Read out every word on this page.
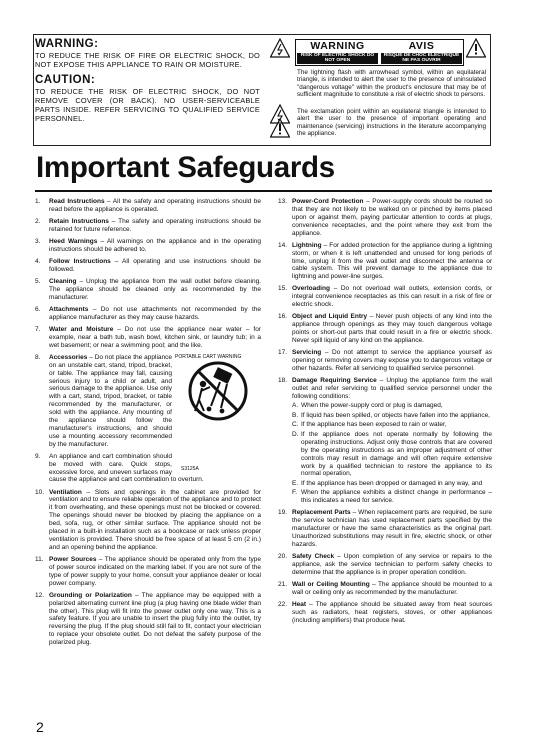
WARNING:

TO REDUCE THE RISK OF FIRE OR ELECTRIC SHOCK, DO NOT EXPOSE THIS APPLIANCE TO RAIN OR MOISTURE.

CAUTION:

TO REDUCE THE RISK OF ELECTRIC SHOCK, DO NOT REMOVE COVER (OR BACK). NO USER-SERVICEABLE PARTS INSIDE. REFER SERVICING TO QUALIFIED SERVICE PERSONNEL.

WARNING	AVIS
RISK OF ELECTRIC SHOCK DO NOT OPEN
RISQUE DE CHOC ELECTRIQUE NE PAS OUVRIR

The lightning flash with arrowhead symbol, within an equilateral triangle, is intended to alert the user to the presence of uninsulated "dangerous voltage" within the product's enclosure that may be of sufficient magnitude to constitute a risk of electric shock to persons.

The exclamation point within an equilateral triangle is intended to alert the user to the presence of important operating and maintenance (servicing) instructions in the literature accompanying the appliance.

Important Safeguards
1. Read Instructions – All the safety and operating instructions should be read before the appliance is operated.
2. Retain Instructions – The safety and operating instructions should be retained for future reference.
3. Heed Warnings – All warnings on the appliance and in the operating instructions should be adhered to.
4. Follow Instructions – All operating and use instructions should be followed.
5. Cleaning – Unplug the appliance from the wall outlet before cleaning. The appliance should be cleaned only as recommended by the manufacturer.
6. Attachments – Do not use attachments not recommended by the appliance manufacturer as they may cause hazards.
7. Water and Moisture – Do not use the appliance near water – for example, near a bath tub, wash bowl, kitchen sink, or laundry tub; in a wet basement; or near a swimming pool; and the like.
PORTABLE CART WARNING
S3125A
8. Accessories – Do not place the appliance on an unstable cart, stand, tripod, bracket, or table. The appliance may fall, causing serious injury to a child or adult, and serious damage to the appliance. Use only with a cart, stand, tripod, bracket, or table recommended by the manufacturer, or sold with the appliance. Any mounting of the appliance should follow the manufacturer's instructions, and should use a mounting accessory recommended by the manufacturer.
9. An appliance and cart combination should be moved with care. Quick stops, excessive force, and uneven surfaces may cause the appliance and cart combination to overturn.
10. Ventilation – Slots and openings in the cabinet are provided for ventilation and to ensure reliable operation of the appliance and to protect it from overheating, and these openings must not be blocked or covered. The openings should never be blocked by placing the appliance on a bed, sofa, rug, or other similar surface. The appliance should not be placed in a built-in installation such as a bookcase or rack unless proper ventilation is provided. There should be free space of at least 5 cm (2 in.) and an opening behind the appliance.
11. Power Sources – The appliance should be operated only from the type of power source indicated on the marking label. If you are not sure of the type of power supply to your home, consult your appliance dealer or local power company.
12. Grounding or Polarization – The appliance may be equipped with a polarized alternating current line plug (a plug having one blade wider than the other). This plug will fit into the power outlet only one way. This is a safety feature. If you are unable to insert the plug fully into the outlet, try reversing the plug. If the plug should still fail to fit, contact your electrician to replace your obsolete outlet. Do not defeat the safety purpose of the polarized plug.
13. Power-Cord Protection – Power-supply cords should be routed so that they are not likely to be walked on or pinched by items placed upon or against them, paying particular attention to cords at plugs, convenience receptacles, and the point where they exit from the appliance.
14. Lightning – For added protection for the appliance during a lightning storm, or when it is left unattended and unused for long periods of time, unplug it from the wall outlet and disconnect the antenna or cable system. This will prevent damage to the appliance due to lightning and power-line surges.
15. Overloading – Do not overload wall outlets, extension cords, or integral convenience receptacles as this can result in a risk of fire or electric shock.
16. Object and Liquid Entry – Never push objects of any kind into the appliance through openings as they may touch dangerous voltage points or short-out parts that could result in a fire or electric shock. Never spill liquid of any kind on the appliance.
17. Servicing – Do not attempt to service the appliance yourself as opening or removing covers may expose you to dangerous voltage or other hazards. Refer all servicing to qualified service personnel.
18. Damage Requiring Service – Unplug the appliance form the wall outlet and refer servicing to qualified service personnel under the following conditions:
A. When the power-supply cord or plug is damaged,
B. If liquid has been spilled, or objects have fallen into the appliance,
C. If the appliance has been exposed to rain or water,
D. If the appliance does not operate normally by following the operating instructions. Adjust only those controls that are covered by the operating instructions as an improper adjustment of other controls may result in damage and will often require extensive work by a qualified technician to restore the appliance to its normal operation,
E. If the appliance has been dropped or damaged in any way, and
F. When the appliance exhibits a distinct change in performance – this indicates a need for service.
19. Replacement Parts – When replacement parts are required, be sure the service technician has used replacement parts specified by the manufacturer or have the same characteristics as the original part. Unauthorized substitutions may result in fire, electric shock, or other hazards.
20. Safety Check – Upon completion of any service or repairs to the appliance, ask the service technician to perform safety checks to determine that the appliance is in proper operation condition.
21. Wall or Ceiling Mounting – The appliance should be mounted to a wall or ceiling only as recommended by the manufacturer.
22. Heat – The appliance should be situated away from heat sources such as radiators, heat registers, stoves, or other appliances (including amplifiers) that produce heat.
2
